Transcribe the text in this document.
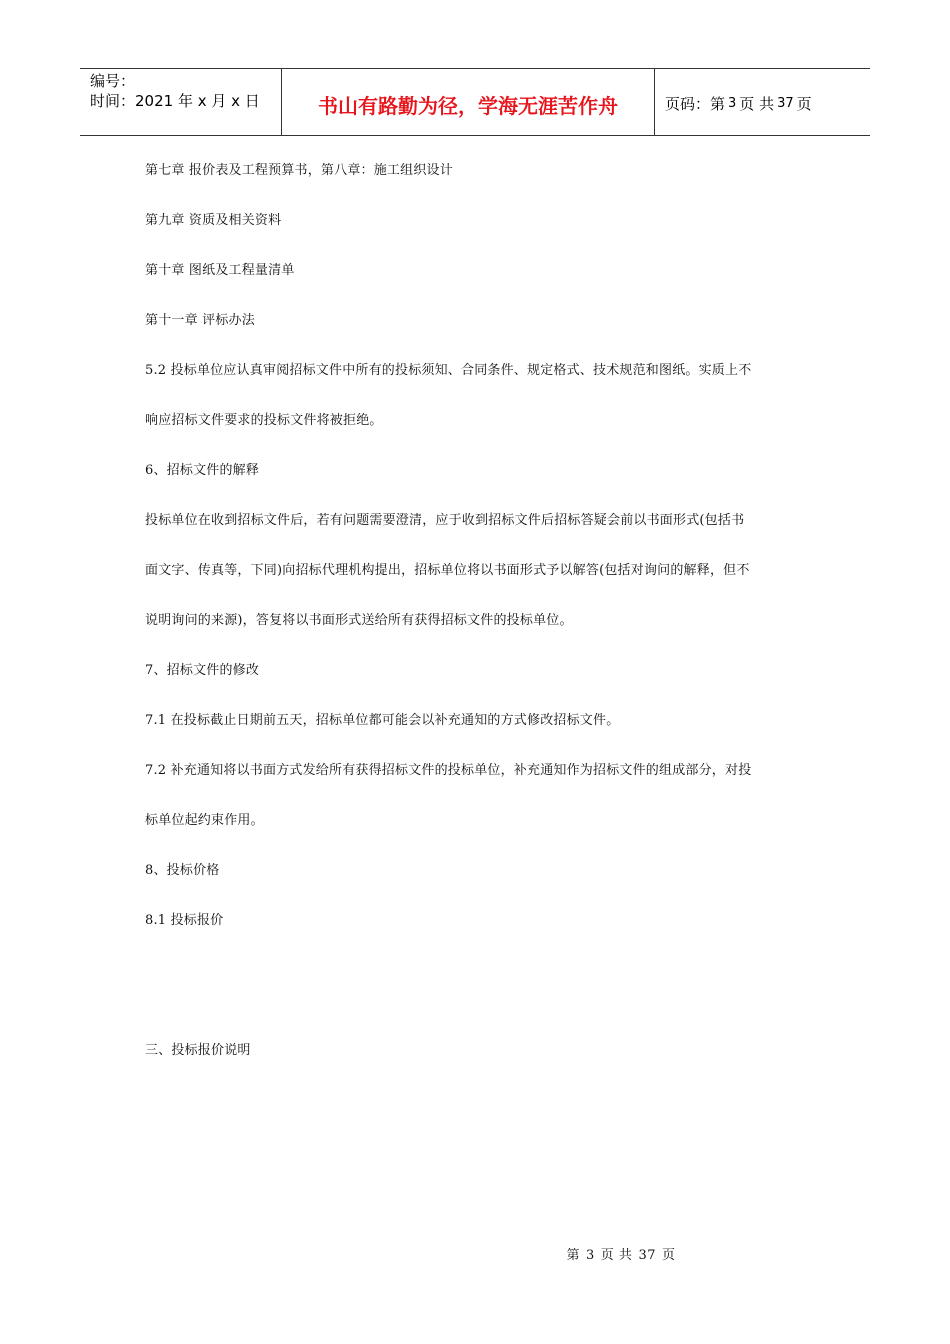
编号：
时间：2021 年 x 月 x 日	书山有路勤为径，学海无涯苦作舟	页码：第 3 页 共 37 页
第七章 报价表及工程预算书，第八章：施工组织设计
第九章 资质及相关资料
第十章 图纸及工程量清单
第十一章 评标办法
5.2 投标单位应认真审阅招标文件中所有的投标须知、合同条件、规定格式、技术规范和图纸。实质上不
响应招标文件要求的投标文件将被拒绝。
6、招标文件的解释
投标单位在收到招标文件后，若有问题需要澄清，应于收到招标文件后招标答疑会前以书面形式(包括书
面文字、传真等，下同)向招标代理机构提出，招标单位将以书面形式予以解答(包括对询问的解释，但不
说明询问的来源)，答复将以书面形式送给所有获得招标文件的投标单位。
7、招标文件的修改
7.1 在投标截止日期前五天，招标单位都可能会以补充通知的方式修改招标文件。
7.2 补充通知将以书面方式发给所有获得招标文件的投标单位，补充通知作为招标文件的组成部分，对投
标单位起约束作用。
8、投标价格
8.1 投标报价
三、投标报价说明
第 3 页 共 37 页
